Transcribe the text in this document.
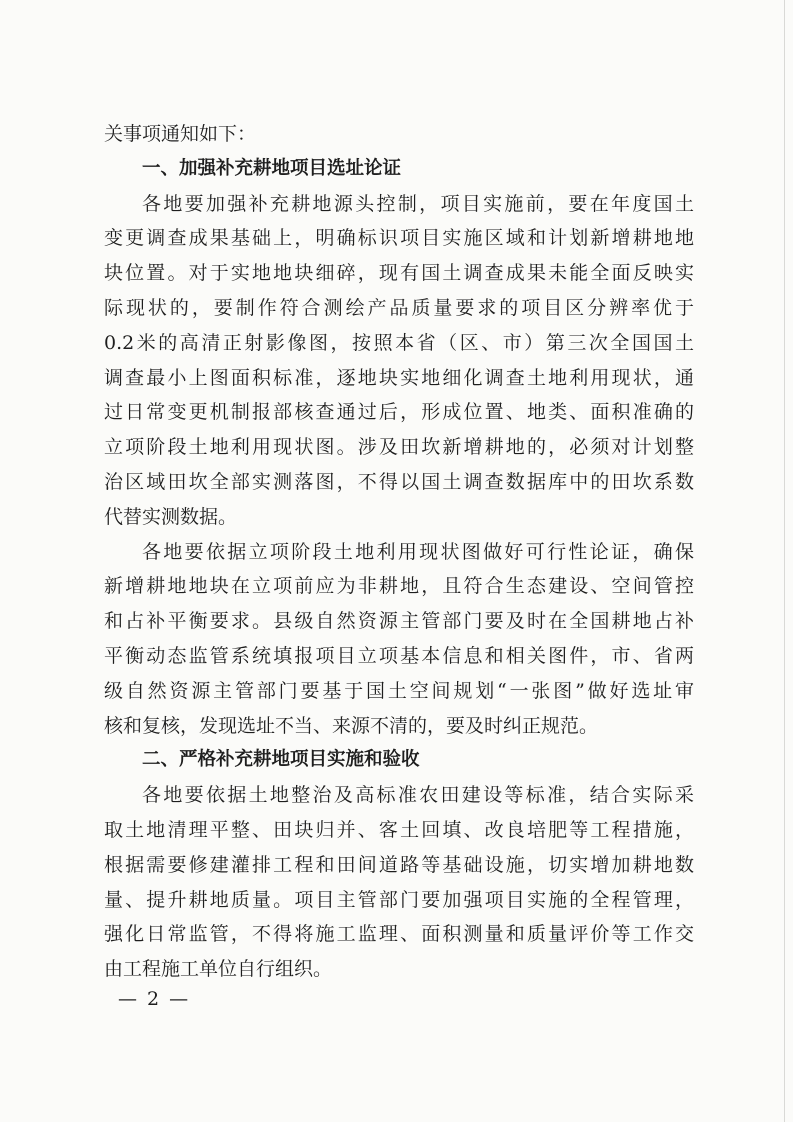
关事项通知如下：
一、加强补充耕地项目选址论证
各地要加强补充耕地源头控制，项目实施前，要在年度国土
变更调查成果基础上，明确标识项目实施区域和计划新增耕地地
块位置。对于实地地块细碎，现有国土调查成果未能全面反映实
际现状的，要制作符合测绘产品质量要求的项目区分辨率优于
0.2米的高清正射影像图，按照本省（区、市）第三次全国国土
调查最小上图面积标准，逐地块实地细化调查土地利用现状，通
过日常变更机制报部核查通过后，形成位置、地类、面积准确的
立项阶段土地利用现状图。涉及田坎新增耕地的，必须对计划整
治区域田坎全部实测落图，不得以国土调查数据库中的田坎系数
代替实测数据。
各地要依据立项阶段土地利用现状图做好可行性论证，确保
新增耕地地块在立项前应为非耕地，且符合生态建设、空间管控
和占补平衡要求。县级自然资源主管部门要及时在全国耕地占补
平衡动态监管系统填报项目立项基本信息和相关图件，市、省两
级自然资源主管部门要基于国土空间规划“一张图”做好选址审
核和复核，发现选址不当、来源不清的，要及时纠正规范。
二、严格补充耕地项目实施和验收
各地要依据土地整治及高标准农田建设等标准，结合实际采
取土地清理平整、田块归并、客土回填、改良培肥等工程措施，
根据需要修建灌排工程和田间道路等基础设施，切实增加耕地数
量、提升耕地质量。项目主管部门要加强项目实施的全程管理，
强化日常监管，不得将施工监理、面积测量和质量评价等工作交
由工程施工单位自行组织。
— 2 —
